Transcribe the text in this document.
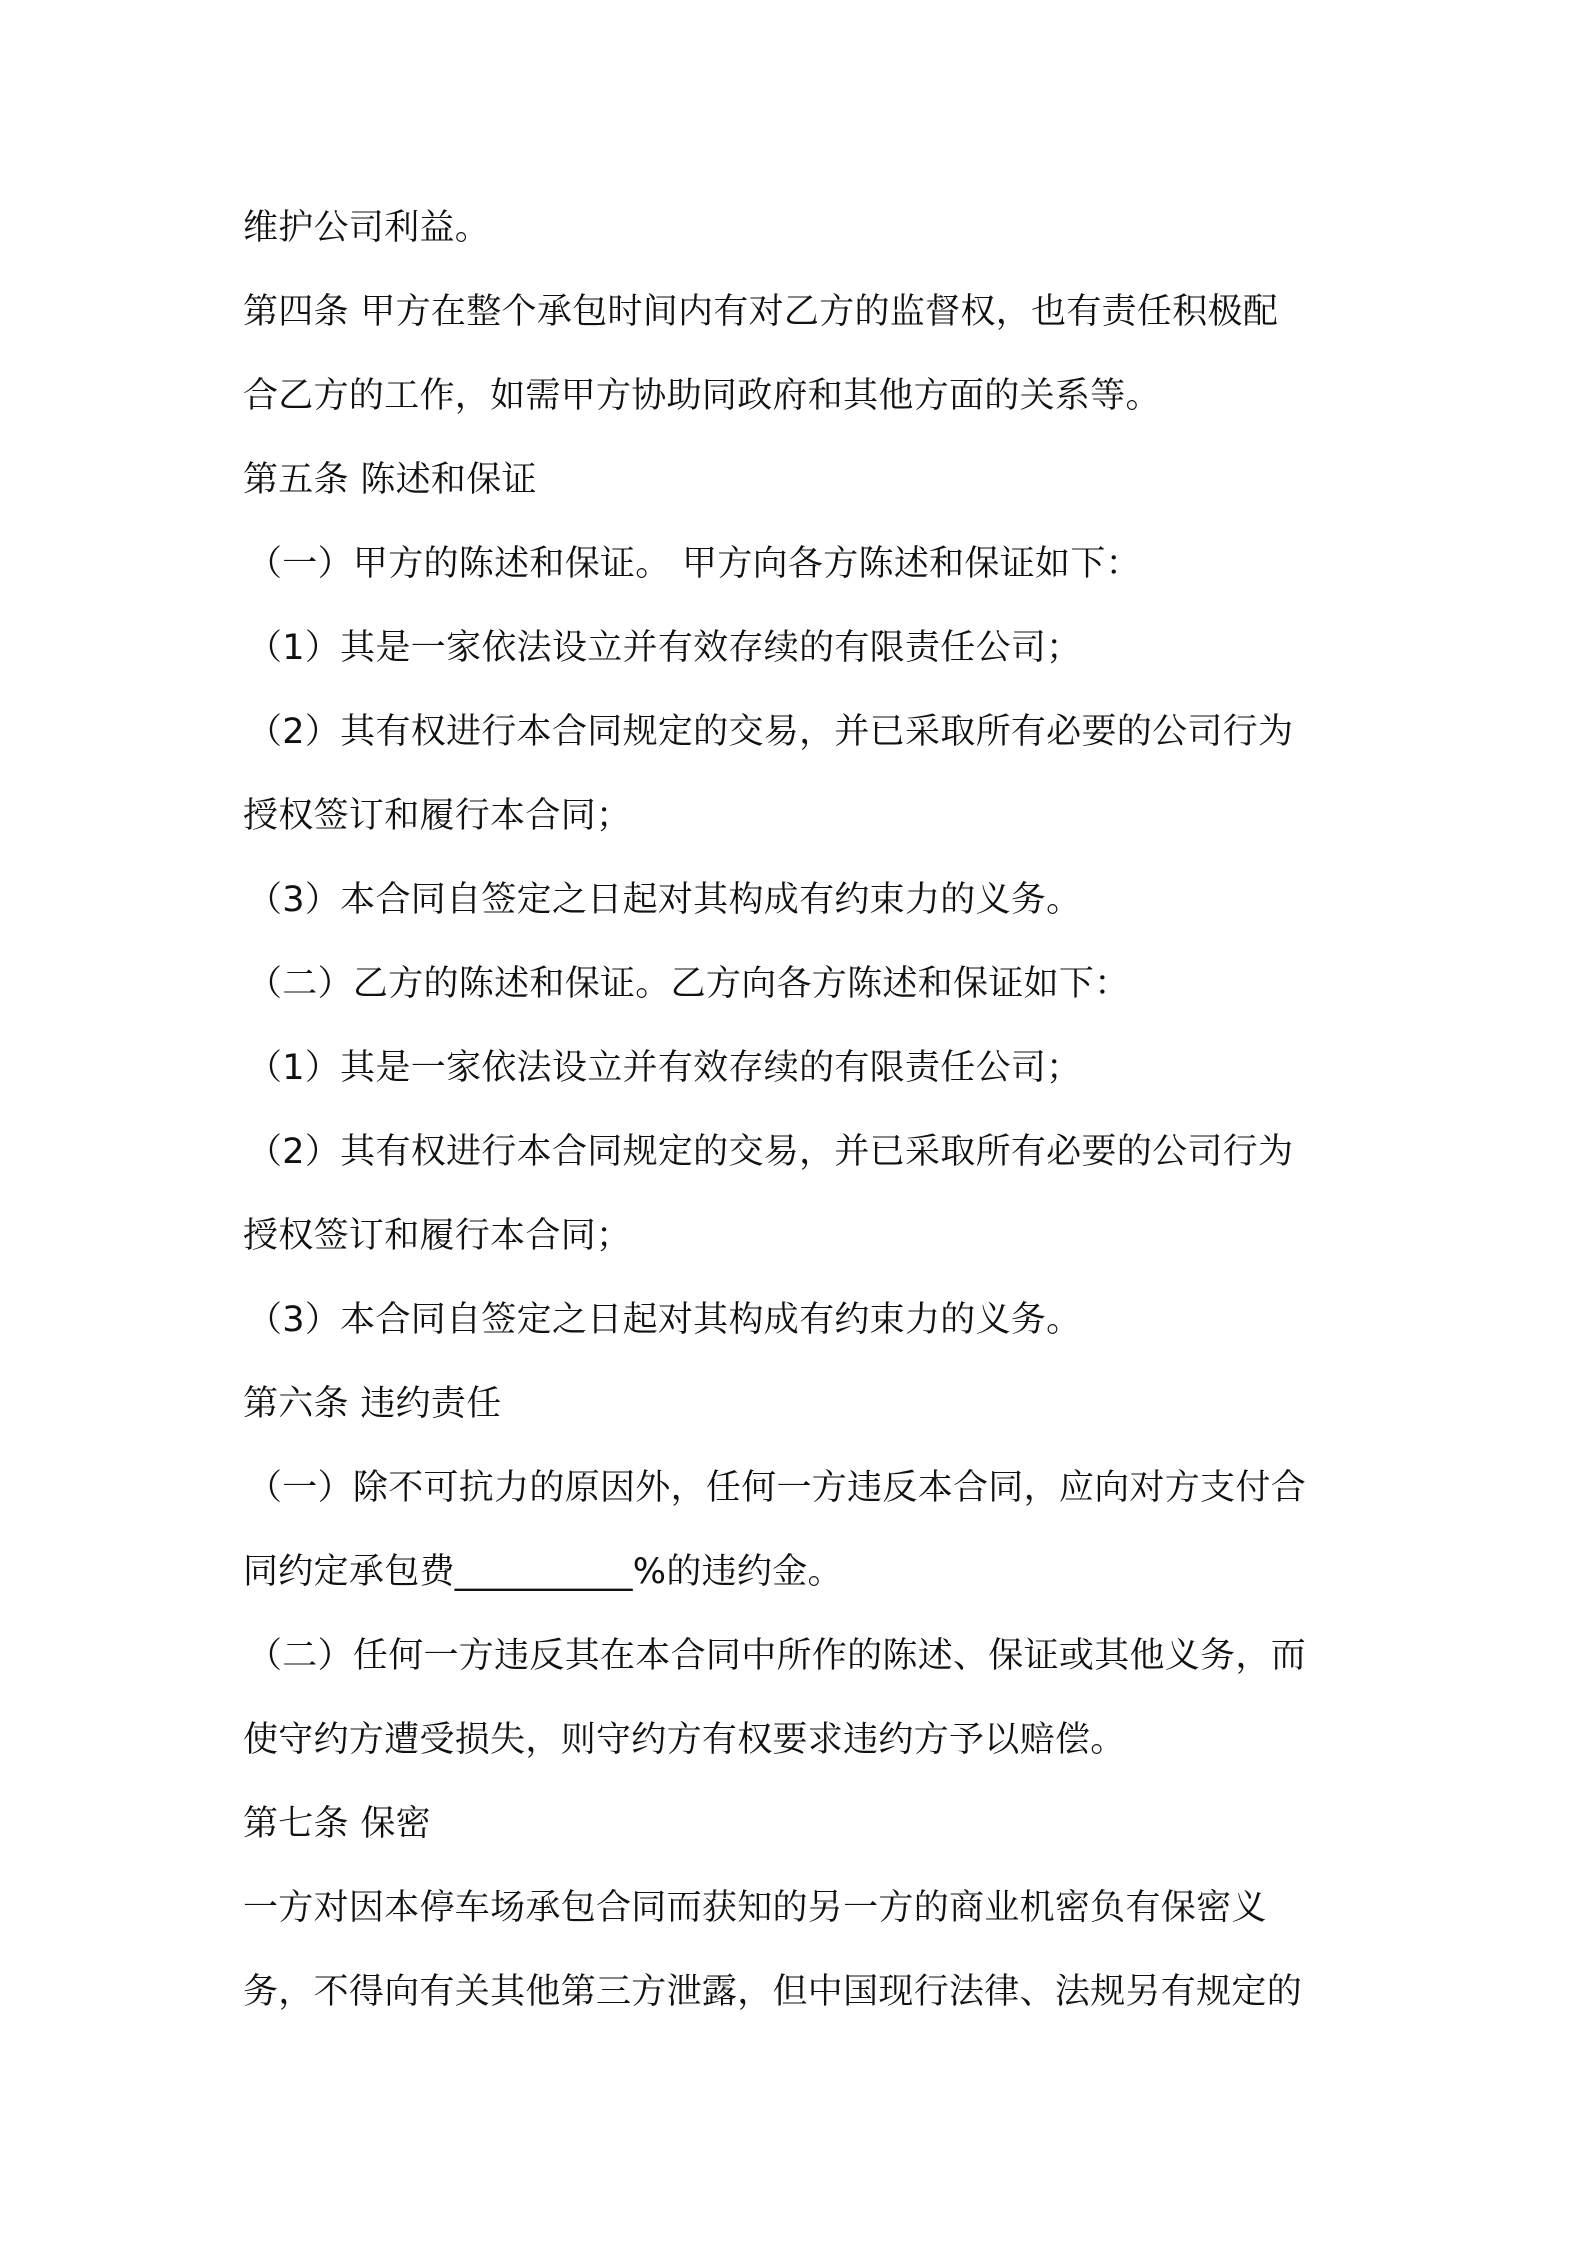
维护公司利益。
第四条 甲方在整个承包时间内有对乙方的监督权，也有责任积极配
合乙方的工作，如需甲方协助同政府和其他方面的关系等。
第五条 陈述和保证
（一）甲方的陈述和保证。 甲方向各方陈述和保证如下：
（1）其是一家依法设立并有效存续的有限责任公司；
（2）其有权进行本合同规定的交易，并已采取所有必要的公司行为
授权签订和履行本合同；
（3）本合同自签定之日起对其构成有约束力的义务。
（二）乙方的陈述和保证。乙方向各方陈述和保证如下：
（1）其是一家依法设立并有效存续的有限责任公司；
（2）其有权进行本合同规定的交易，并已采取所有必要的公司行为
授权签订和履行本合同；
（3）本合同自签定之日起对其构成有约束力的义务。
第六条 违约责任
（一）除不可抗力的原因外，任何一方违反本合同，应向对方支付合
同约定承包费__________%的违约金。
（二）任何一方违反其在本合同中所作的陈述、保证或其他义务，而
使守约方遭受损失，则守约方有权要求违约方予以赔偿。
第七条 保密
一方对因本停车场承包合同而获知的另一方的商业机密负有保密义
务，不得向有关其他第三方泄露，但中国现行法律、法规另有规定的
